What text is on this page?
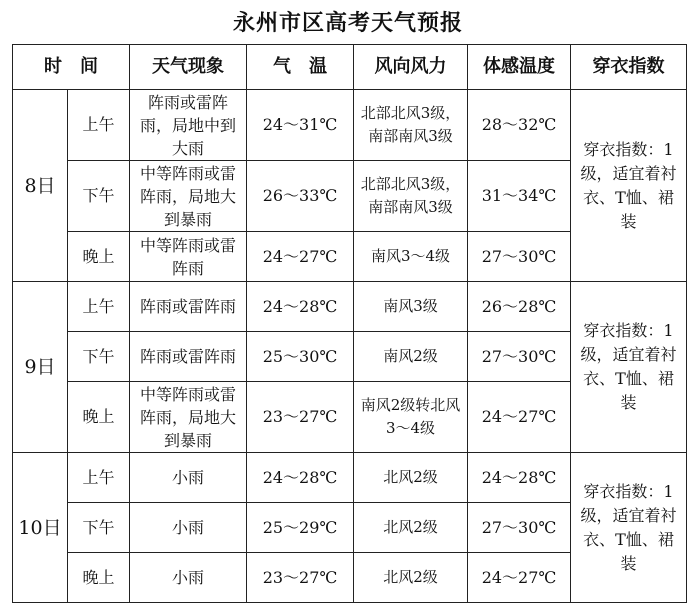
永州市区高考天气预报
时　间		天气现象	气　温	风向风力	体感温度	穿衣指数
8日	上午	阵雨或雷阵雨，局地中到大雨	24～31℃	北部北风3级，南部南风3级	28～32℃	穿衣指数：1级，适宜着衬衣、T恤、裙装
	下午	中等阵雨或雷阵雨，局地大到暴雨	26～33℃	北部北风3级，南部南风3级	31～34℃	
	晚上	中等阵雨或雷阵雨	24～27℃	南风3～4级	27～30℃	
9日	上午	阵雨或雷阵雨	24～28℃	南风3级	26～28℃	穿衣指数：1级，适宜着衬衣、T恤、裙装
	下午	阵雨或雷阵雨	25～30℃	南风2级	27～30℃	
	晚上	中等阵雨或雷阵雨，局地大到暴雨	23～27℃	南风2级转北风3～4级	24～27℃	
10日	上午	小雨	24～28℃	北风2级	24～28℃	穿衣指数：1级，适宜着衬衣、T恤、裙装
	下午	小雨	25～29℃	北风2级	27～30℃	
	晚上	小雨	23～27℃	北风2级	24～27℃	
